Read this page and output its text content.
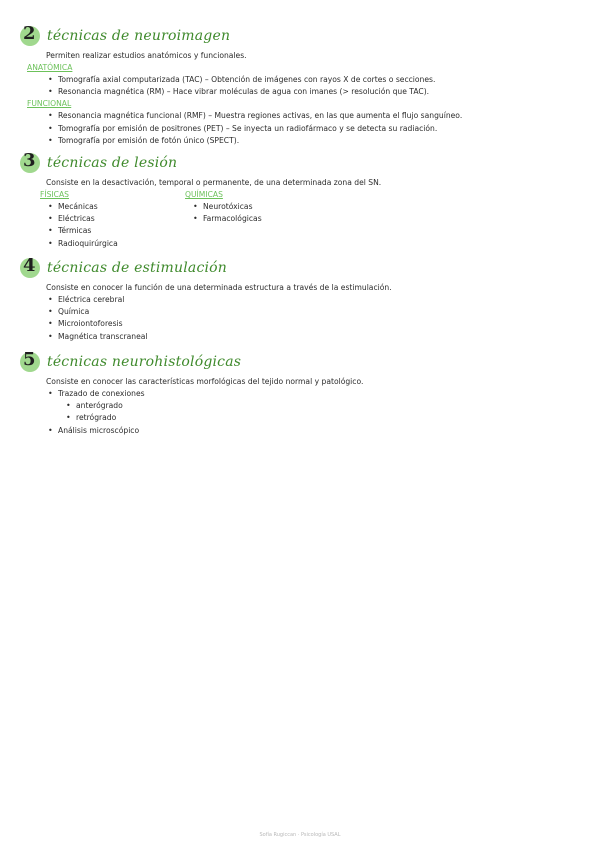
2 técnicas de neuroimagen
Permiten realizar estudios anatómicos y funcionales.
ANATÓMICA
• Tomografía axial computarizada (TAC) – Obtención de imágenes con rayos X de cortes o secciones.
• Resonancia magnética (RM) – Hace vibrar moléculas de agua con imanes (> resolución que TAC).
FUNCIONAL
• Resonancia magnética funcional (RMF) – Muestra regiones activas, en las que aumenta el flujo sanguíneo.
• Tomografía por emisión de positrones (PET) – Se inyecta un radiofármaco y se detecta su radiación.
• Tomografía por emisión de fotón único (SPECT).
3 técnicas de lesión
Consiste en la desactivación, temporal o permanente, de una determinada zona del SN.
FÍSICAS
• Mecánicas
• Eléctricas
• Térmicas
• Radioquirúrgica
QUÍMICAS
• Neurotóxicas
• Farmacológicas
4 técnicas de estimulación
Consiste en conocer la función de una determinada estructura a través de la estimulación.
• Eléctrica cerebral
• Química
• Microiontoforesis
• Magnética transcraneal
5 técnicas neurohistológicas
Consiste en conocer las características morfológicas del tejido normal y patológico.
• Trazado de conexiones
• anterógrado
• retrógrado
• Análisis microscópico
Sofía Rugiccan · Psicología USAL
